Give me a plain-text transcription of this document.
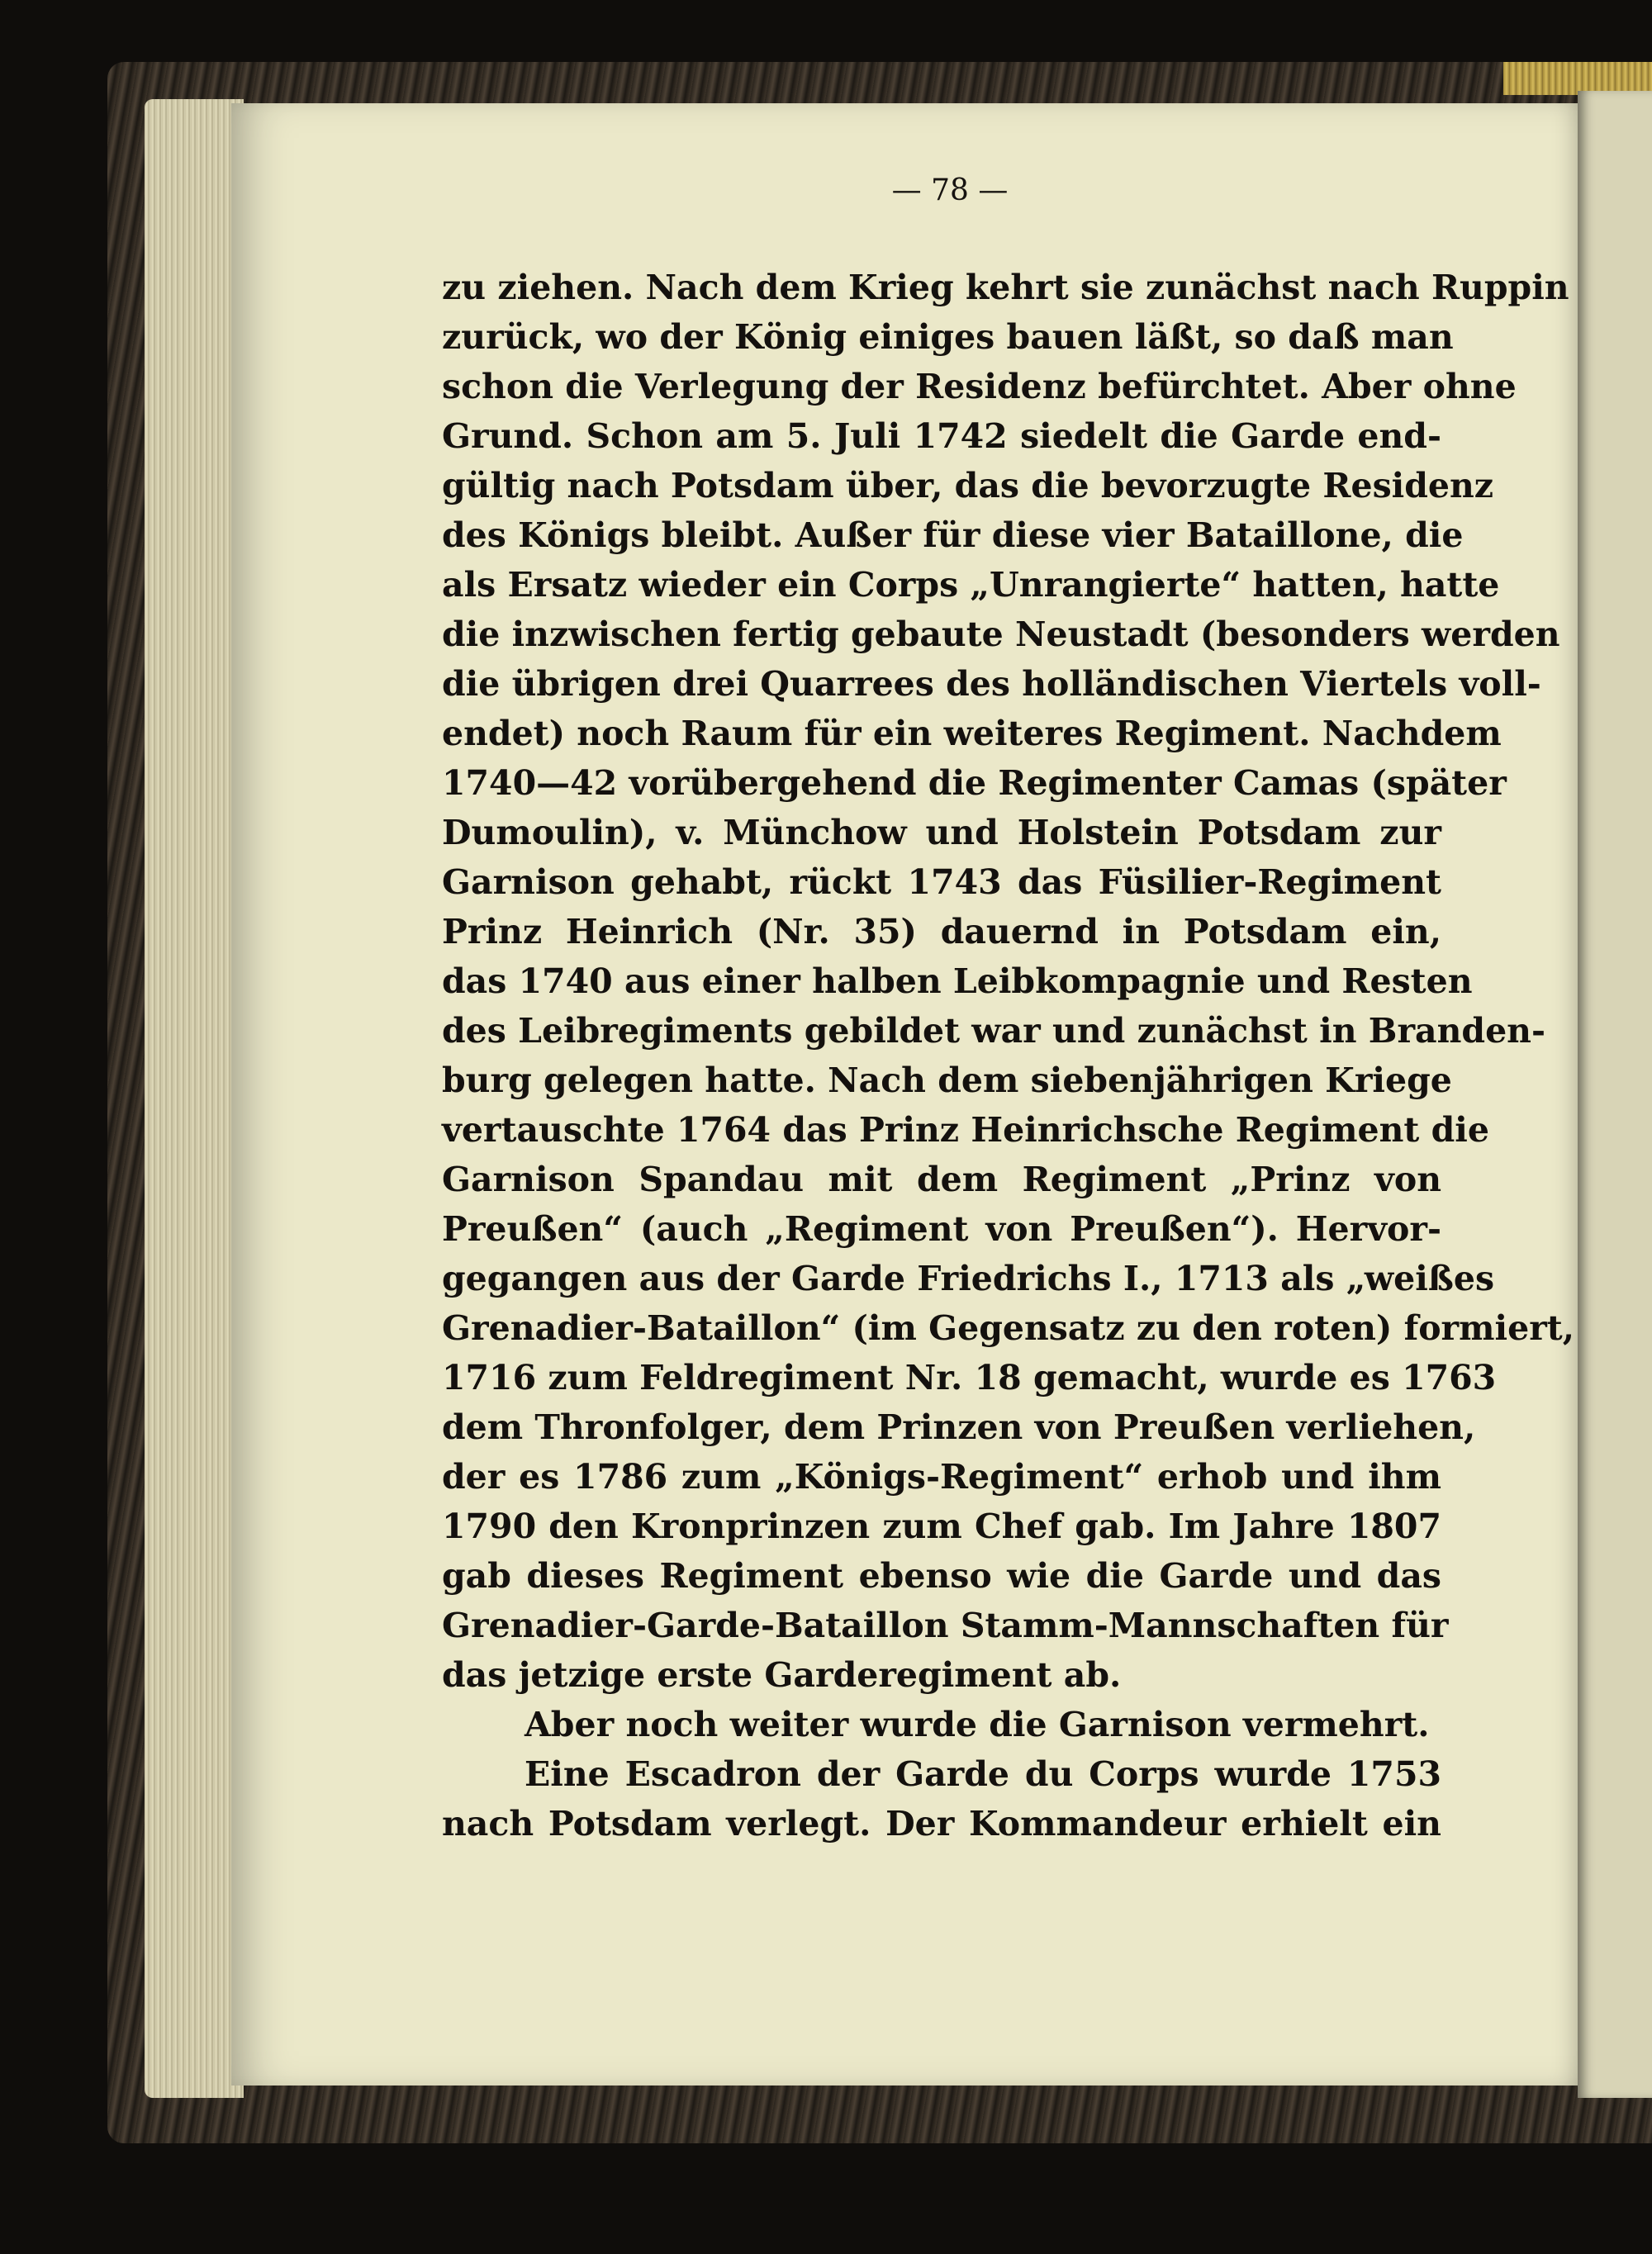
— 78 —
zu ziehen. Nach dem Krieg kehrt sie zunächst nach Ruppin
zurück, wo der König einiges bauen läßt, so daß man
schon die Verlegung der Residenz befürchtet. Aber ohne
Grund. Schon am 5. Juli 1742 siedelt die Garde end-
gültig nach Potsdam über, das die bevorzugte Residenz
des Königs bleibt. Außer für diese vier Bataillone, die
als Ersatz wieder ein Corps „Unrangierte“ hatten, hatte
die inzwischen fertig gebaute Neustadt (besonders werden
die übrigen drei Quarrees des holländischen Viertels voll-
endet) noch Raum für ein weiteres Regiment. Nachdem
1740—42 vorübergehend die Regimenter Camas (später
Dumoulin), v. Münchow und Holstein Potsdam zur
Garnison gehabt, rückt 1743 das Füsilier-Regiment
Prinz Heinrich (Nr. 35) dauernd in Potsdam ein,
das 1740 aus einer halben Leibkompagnie und Resten
des Leibregiments gebildet war und zunächst in Branden-
burg gelegen hatte. Nach dem siebenjährigen Kriege
vertauschte 1764 das Prinz Heinrichsche Regiment die
Garnison Spandau mit dem Regiment „Prinz von
Preußen“ (auch „Regiment von Preußen“). Hervor-
gegangen aus der Garde Friedrichs I., 1713 als „weißes
Grenadier-Bataillon“ (im Gegensatz zu den roten) formiert,
1716 zum Feldregiment Nr. 18 gemacht, wurde es 1763
dem Thronfolger, dem Prinzen von Preußen verliehen,
der es 1786 zum „Königs-Regiment“ erhob und ihm
1790 den Kronprinzen zum Chef gab. Im Jahre 1807
gab dieses Regiment ebenso wie die Garde und das
Grenadier-Garde-Bataillon Stamm-Mannschaften für
das jetzige erste Garderegiment ab.
Aber noch weiter wurde die Garnison vermehrt.
Eine Escadron der Garde du Corps wurde 1753
nach Potsdam verlegt. Der Kommandeur erhielt ein
